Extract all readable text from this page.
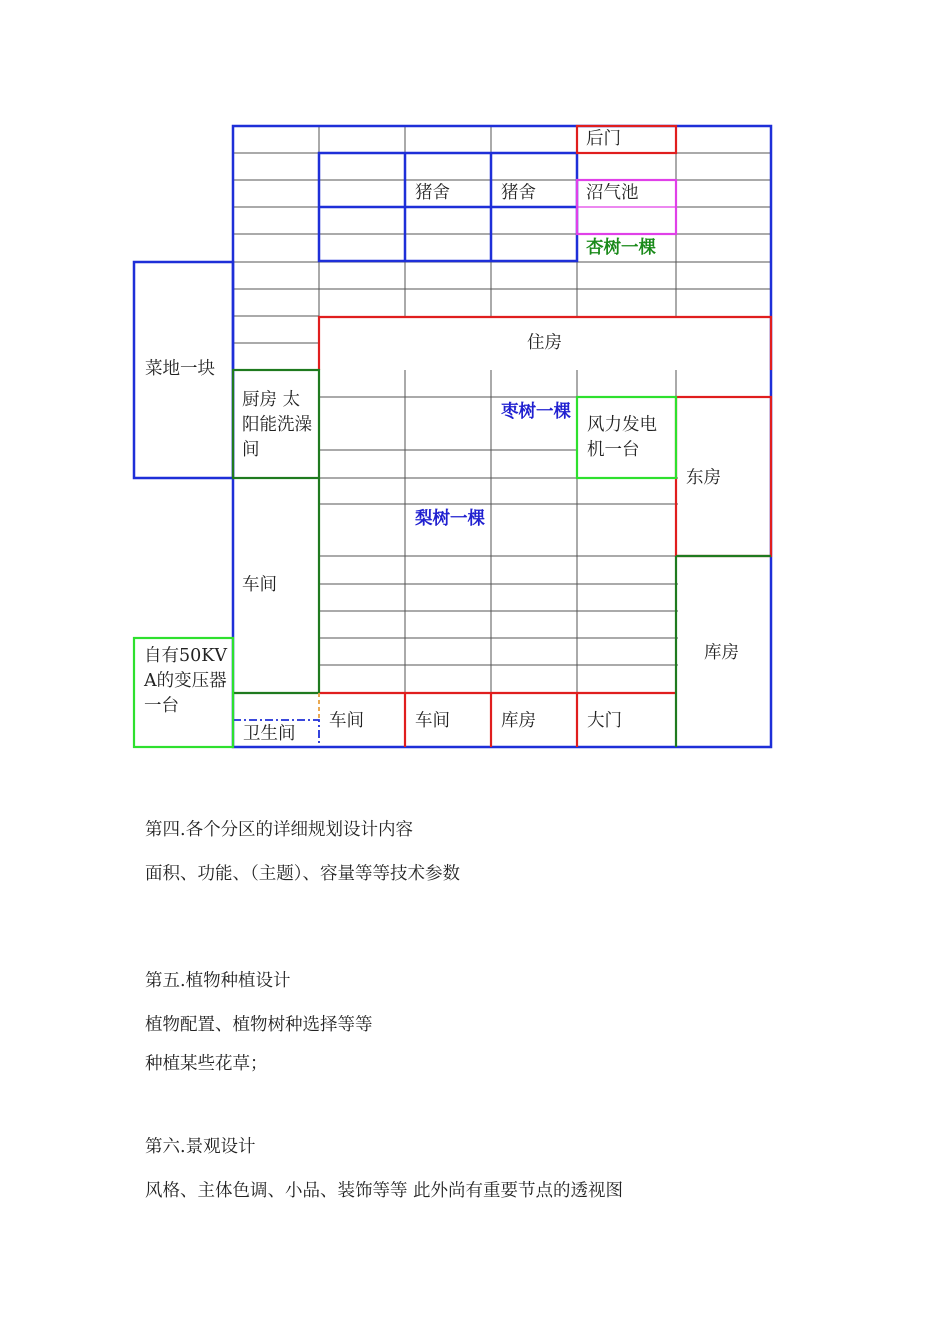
后门
猪舍	猪舍	沼气池
杏树一棵
菜地一块
住房
厨房 太阳能洗澡间
枣树一棵
风力发电机一台
东房
梨树一棵
车间
库房
自有50KVA的变压器一台
卫生间
车间	车间	库房	大门
第四.各个分区的详细规划设计内容
面积、功能、（主题）、容量等等技术参数
第五.植物种植设计
植物配置、植物树种选择等等
种植某些花草；
第六.景观设计
风格、主体色调、小品、装饰等等 此外尚有重要节点的透视图
